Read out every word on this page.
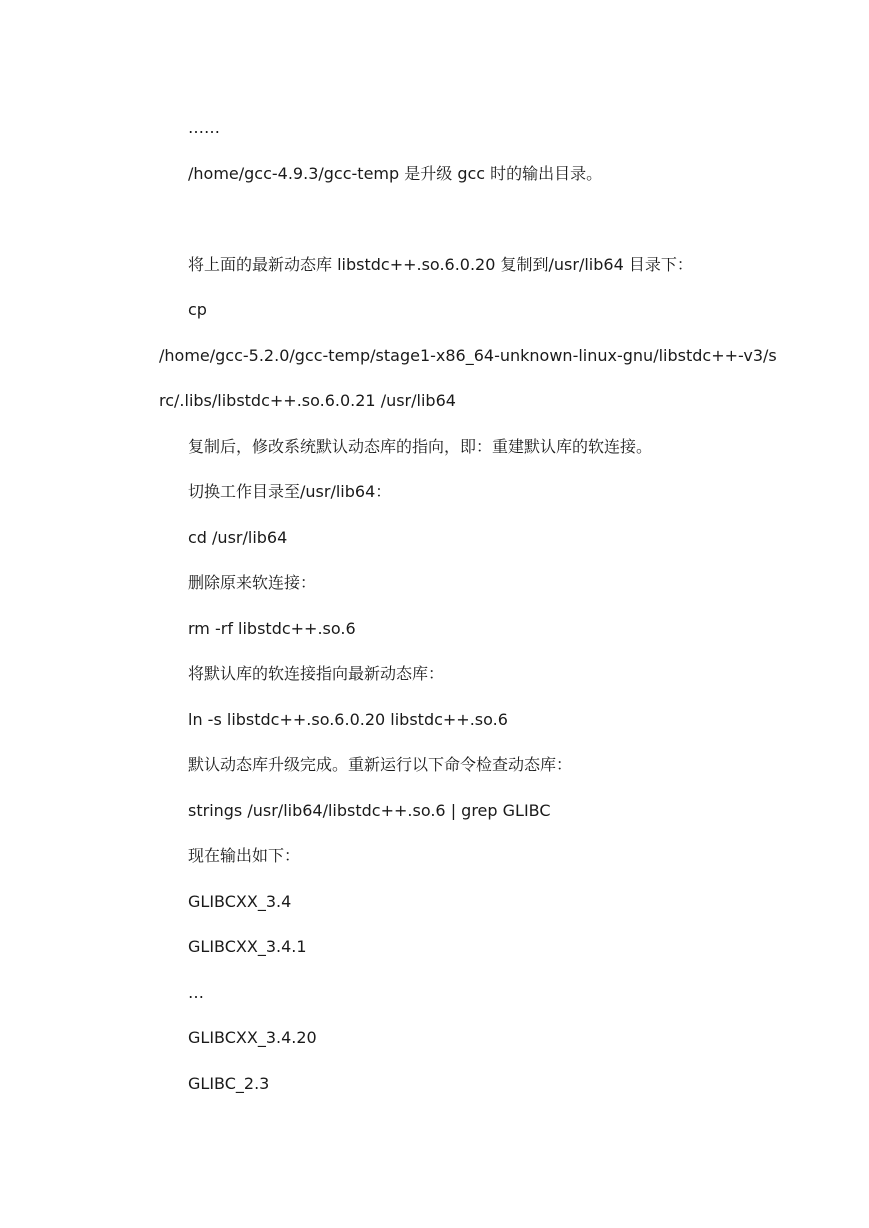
……
/home/gcc-4.9.3/gcc-temp 是升级 gcc 时的输出目录。
将上面的最新动态库 libstdc++.so.6.0.20 复制到/usr/lib64 目录下：
cp
/home/gcc-5.2.0/gcc-temp/stage1-x86_64-unknown-linux-gnu/libstdc++-v3/s
rc/.libs/libstdc++.so.6.0.21 /usr/lib64
复制后，修改系统默认动态库的指向，即：重建默认库的软连接。
切换工作目录至/usr/lib64：
cd /usr/lib64
删除原来软连接：
rm -rf libstdc++.so.6
将默认库的软连接指向最新动态库：
ln -s libstdc++.so.6.0.20 libstdc++.so.6
默认动态库升级完成。重新运行以下命令检查动态库：
strings /usr/lib64/libstdc++.so.6 | grep GLIBC
现在输出如下：
GLIBCXX_3.4
GLIBCXX_3.4.1
…
GLIBCXX_3.4.20
GLIBC_2.3
